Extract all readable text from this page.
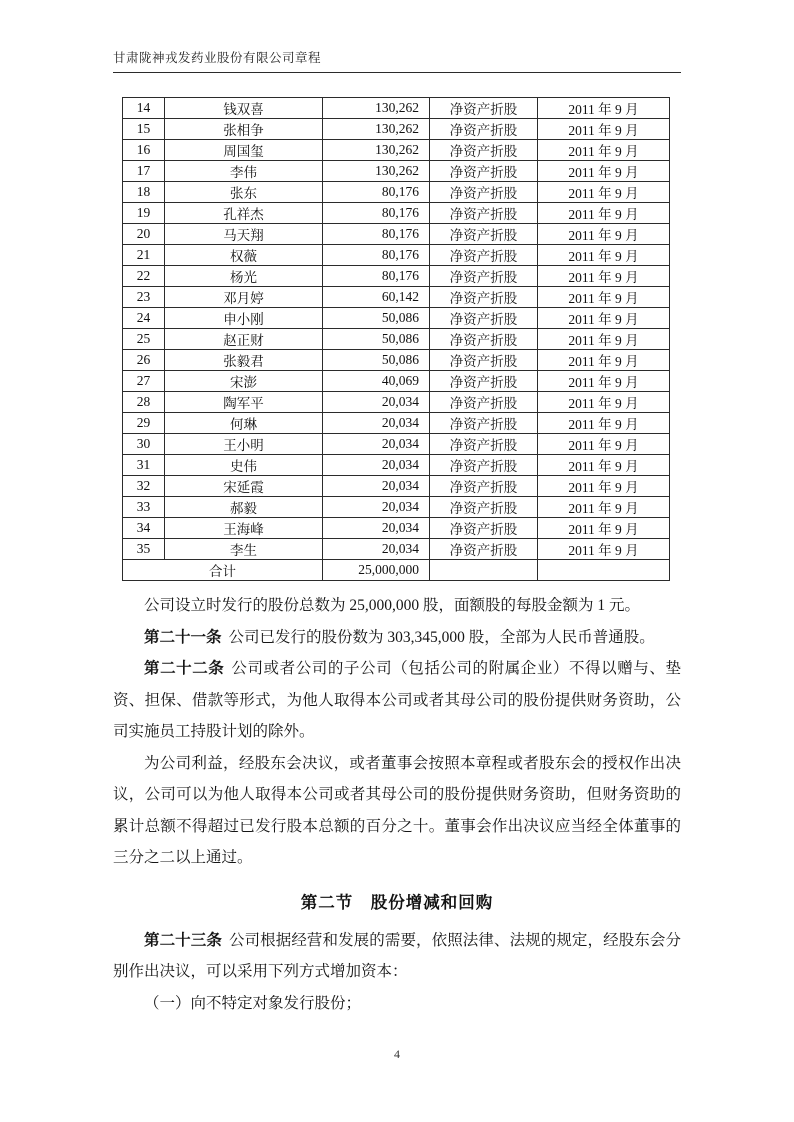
甘肃陇神戎发药业股份有限公司章程
14	钱双喜	130,262	净资产折股	2011 年 9 月
15	张相争	130,262	净资产折股	2011 年 9 月
16	周国玺	130,262	净资产折股	2011 年 9 月
17	李伟	130,262	净资产折股	2011 年 9 月
18	张东	80,176	净资产折股	2011 年 9 月
19	孔祥杰	80,176	净资产折股	2011 年 9 月
20	马天翔	80,176	净资产折股	2011 年 9 月
21	权薇	80,176	净资产折股	2011 年 9 月
22	杨光	80,176	净资产折股	2011 年 9 月
23	邓月婷	60,142	净资产折股	2011 年 9 月
24	申小刚	50,086	净资产折股	2011 年 9 月
25	赵正财	50,086	净资产折股	2011 年 9 月
26	张毅君	50,086	净资产折股	2011 年 9 月
27	宋澎	40,069	净资产折股	2011 年 9 月
28	陶军平	20,034	净资产折股	2011 年 9 月
29	何琳	20,034	净资产折股	2011 年 9 月
30	王小明	20,034	净资产折股	2011 年 9 月
31	史伟	20,034	净资产折股	2011 年 9 月
32	宋延霞	20,034	净资产折股	2011 年 9 月
33	郝毅	20,034	净资产折股	2011 年 9 月
34	王海峰	20,034	净资产折股	2011 年 9 月
35	李生	20,034	净资产折股	2011 年 9 月
合计		25,000,000		

公司设立时发行的股份总数为 25,000,000 股，面额股的每股金额为 1 元。

第二十一条 公司已发行的股份数为 303,345,000 股，全部为人民币普通股。

第二十二条 公司或者公司的子公司（包括公司的附属企业）不得以赠与、垫资、担保、借款等形式，为他人取得本公司或者其母公司的股份提供财务资助，公司实施员工持股计划的除外。

为公司利益，经股东会决议，或者董事会按照本章程或者股东会的授权作出决议，公司可以为他人取得本公司或者其母公司的股份提供财务资助，但财务资助的累计总额不得超过已发行股本总额的百分之十。董事会作出决议应当经全体董事的三分之二以上通过。

第二节　股份增减和回购

第二十三条 公司根据经营和发展的需要，依照法律、法规的规定，经股东会分别作出决议，可以采用下列方式增加资本：

（一）向不特定对象发行股份；

4
